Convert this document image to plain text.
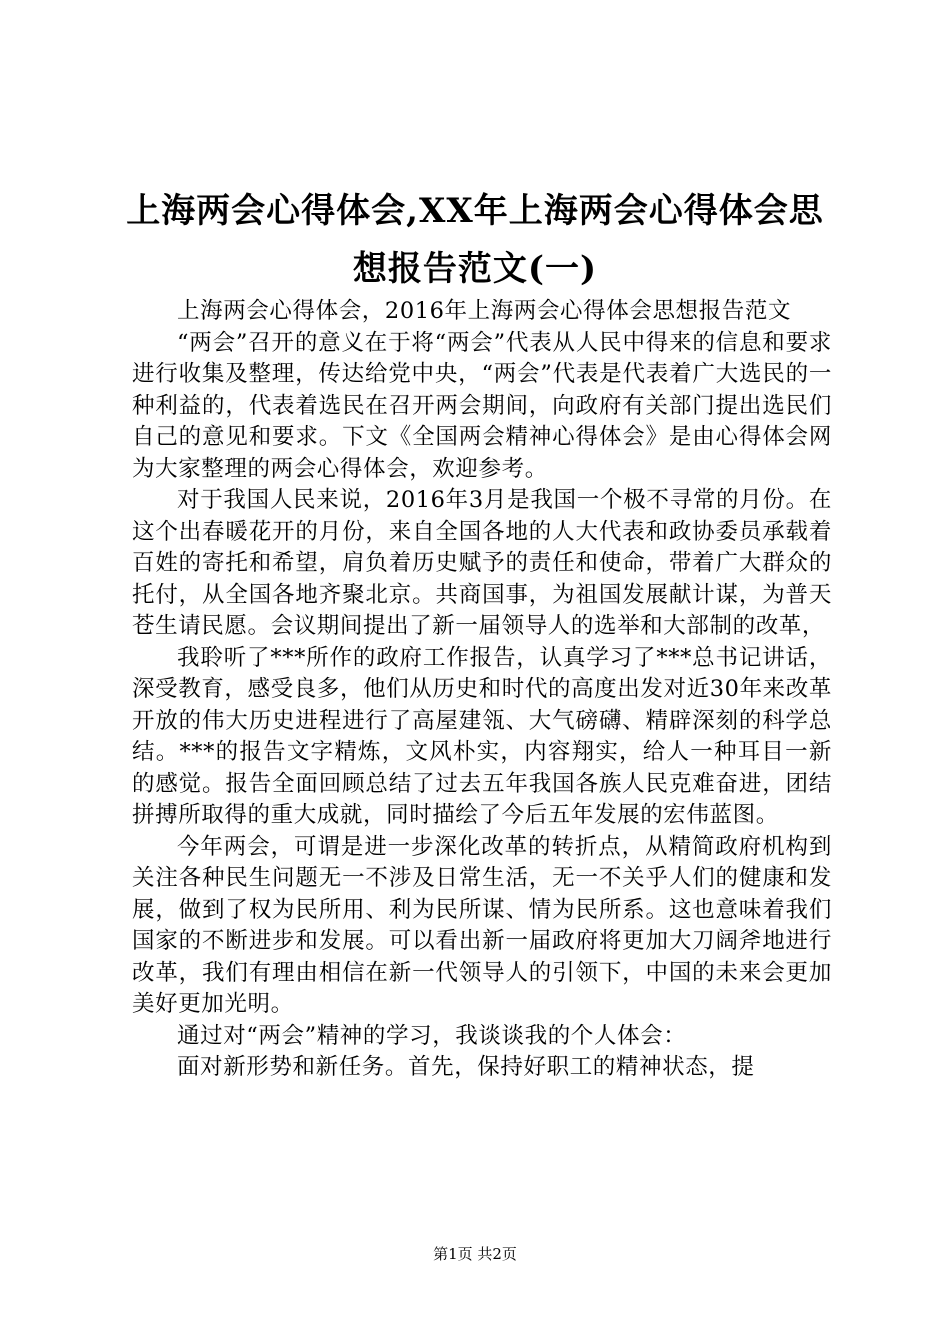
上海两会心得体会,XX年上海两会心得体会思想报告范文(一)

上海两会心得体会，2016年上海两会心得体会思想报告范文

“两会”召开的意义在于将“两会”代表从人民中得来的信息和要求进行收集及整理，传达给党中央，“两会”代表是代表着广大选民的一种利益的，代表着选民在召开两会期间，向政府有关部门提出选民们自己的意见和要求。下文《全国两会精神心得体会》是由心得体会网为大家整理的两会心得体会，欢迎参考。

对于我国人民来说，2016年3月是我国一个极不寻常的月份。在这个出春暖花开的月份，来自全国各地的人大代表和政协委员承载着百姓的寄托和希望，肩负着历史赋予的责任和使命，带着广大群众的托付，从全国各地齐聚北京。共商国事，为祖国发展献计谋，为普天苍生请民愿。会议期间提出了新一届领导人的选举和大部制的改革，

我聆听了***所作的政府工作报告，认真学习了***总书记讲话，深受教育，感受良多，他们从历史和时代的高度出发对近30年来改革开放的伟大历史进程进行了高屋建瓴、大气磅礴、精辟深刻的科学总结。***的报告文字精炼，文风朴实，内容翔实，给人一种耳目一新的感觉。报告全面回顾总结了过去五年我国各族人民克难奋进，团结拼搏所取得的重大成就，同时描绘了今后五年发展的宏伟蓝图。

今年两会，可谓是进一步深化改革的转折点，从精简政府机构到关注各种民生问题无一不涉及日常生活，无一不关乎人们的健康和发展，做到了权为民所用、利为民所谋、情为民所系。这也意味着我们国家的不断进步和发展。可以看出新一届政府将更加大刀阔斧地进行改革，我们有理由相信在新一代领导人的引领下，中国的未来会更加美好更加光明。

通过对“两会”精神的学习，我谈谈我的个人体会：

面对新形势和新任务。首先，保持好职工的精神状态，提

第1页 共2页
